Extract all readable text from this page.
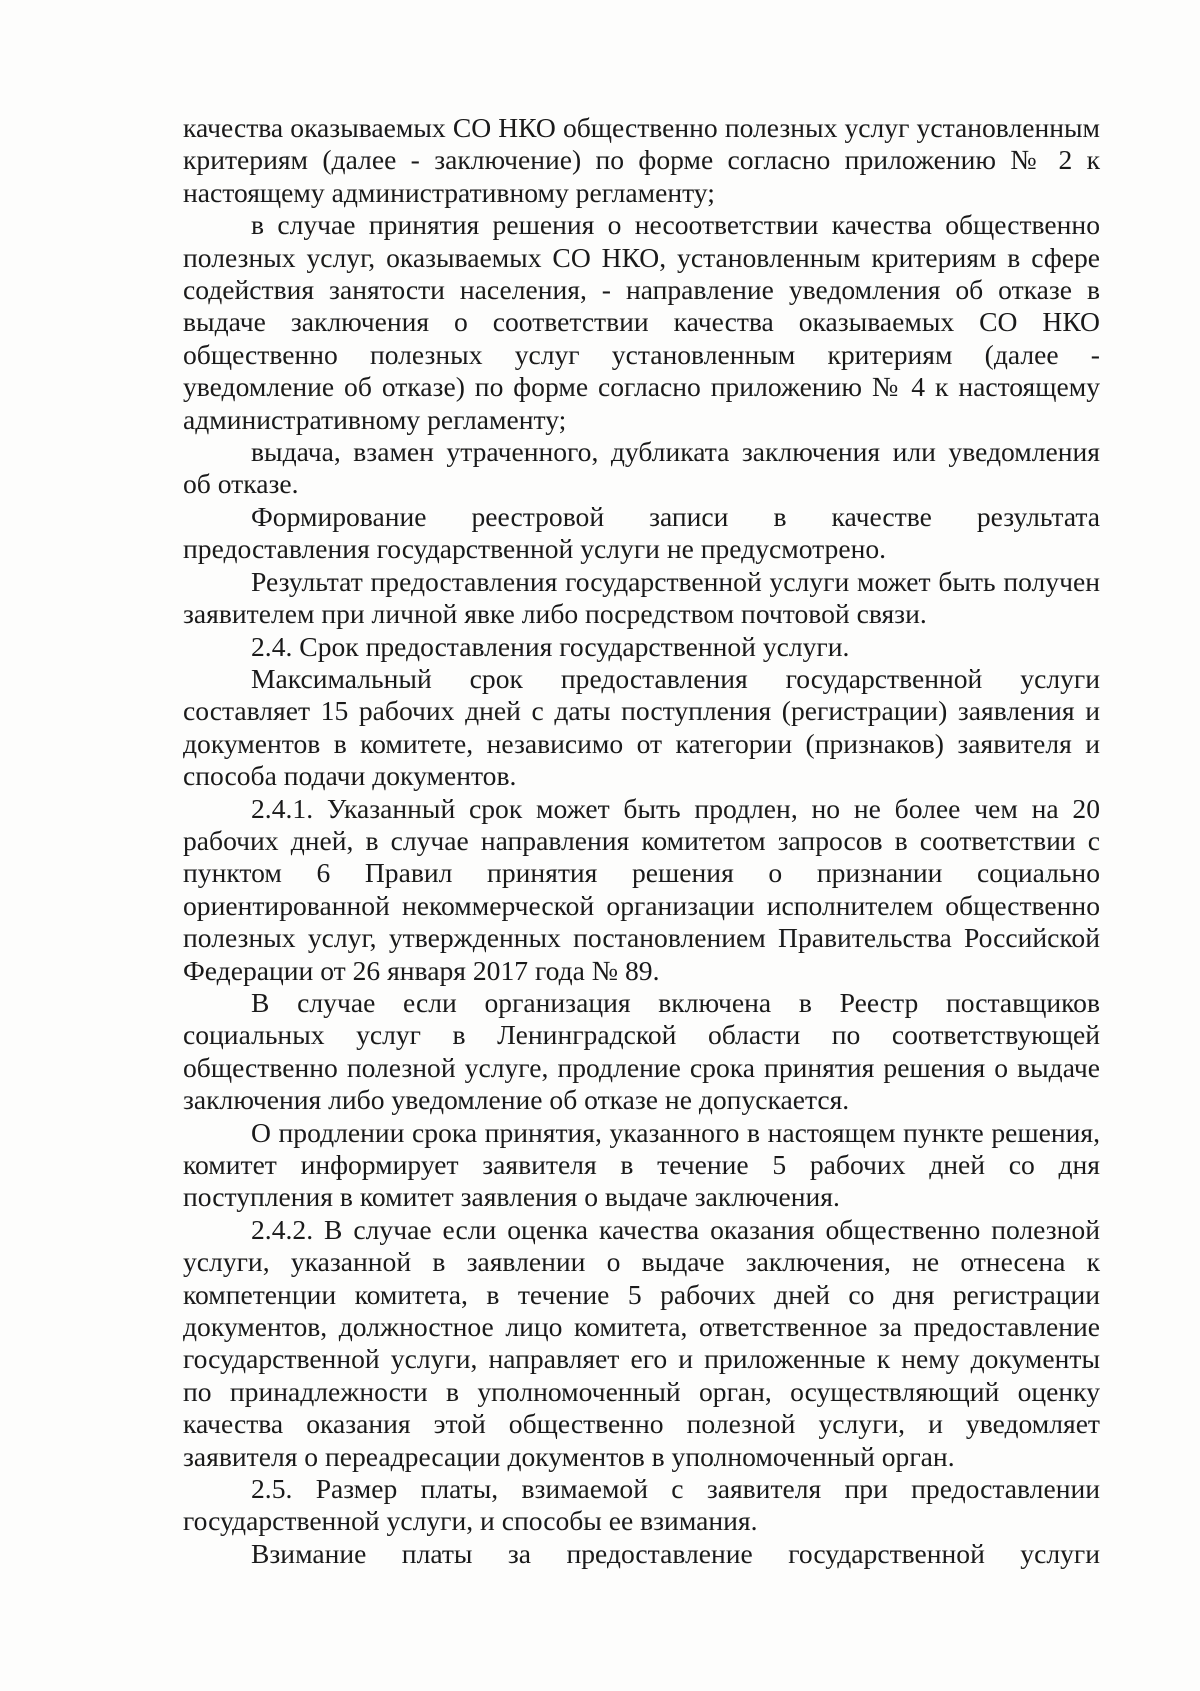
качества оказываемых СО НКО общественно полезных услуг установленным критериям (далее - заключение) по форме согласно приложению № 2 к настоящему административному регламенту;

в случае принятия решения о несоответствии качества общественно полезных услуг, оказываемых СО НКО, установленным критериям в сфере содействия занятости населения, - направление уведомления об отказе в выдаче заключения о соответствии качества оказываемых СО НКО общественно полезных услуг установленным критериям (далее - уведомление об отказе) по форме согласно приложению № 4 к настоящему административному регламенту;

выдача, взамен утраченного, дубликата заключения или уведомления об отказе.

Формирование реестровой записи в качестве результата предоставления государственной услуги не предусмотрено.

Результат предоставления государственной услуги может быть получен заявителем при личной явке либо посредством почтовой связи.

2.4. Срок предоставления государственной услуги.

Максимальный срок предоставления государственной услуги составляет 15 рабочих дней с даты поступления (регистрации) заявления и документов в комитете, независимо от категории (признаков) заявителя и способа подачи документов.

2.4.1. Указанный срок может быть продлен, но не более чем на 20 рабочих дней, в случае направления комитетом запросов в соответствии с пунктом 6 Правил принятия решения о признании социально ориентированной некоммерческой организации исполнителем общественно полезных услуг, утвержденных постановлением Правительства Российской Федерации от 26 января 2017 года № 89.

В случае если организация включена в Реестр поставщиков социальных услуг в Ленинградской области по соответствующей общественно полезной услуге, продление срока принятия решения о выдаче заключения либо уведомление об отказе не допускается.

О продлении срока принятия, указанного в настоящем пункте решения, комитет информирует заявителя в течение 5 рабочих дней со дня поступления в комитет заявления о выдаче заключения.

2.4.2. В случае если оценка качества оказания общественно полезной услуги, указанной в заявлении о выдаче заключения, не отнесена к компетенции комитета, в течение 5 рабочих дней со дня регистрации документов, должностное лицо комитета, ответственное за предоставление государственной услуги, направляет его и приложенные к нему документы по принадлежности в уполномоченный орган, осуществляющий оценку качества оказания этой общественно полезной услуги, и уведомляет заявителя о переадресации документов в уполномоченный орган.

2.5. Размер платы, взимаемой с заявителя при предоставлении государственной услуги, и способы ее взимания.

Взимание платы за предоставление государственной услуги
